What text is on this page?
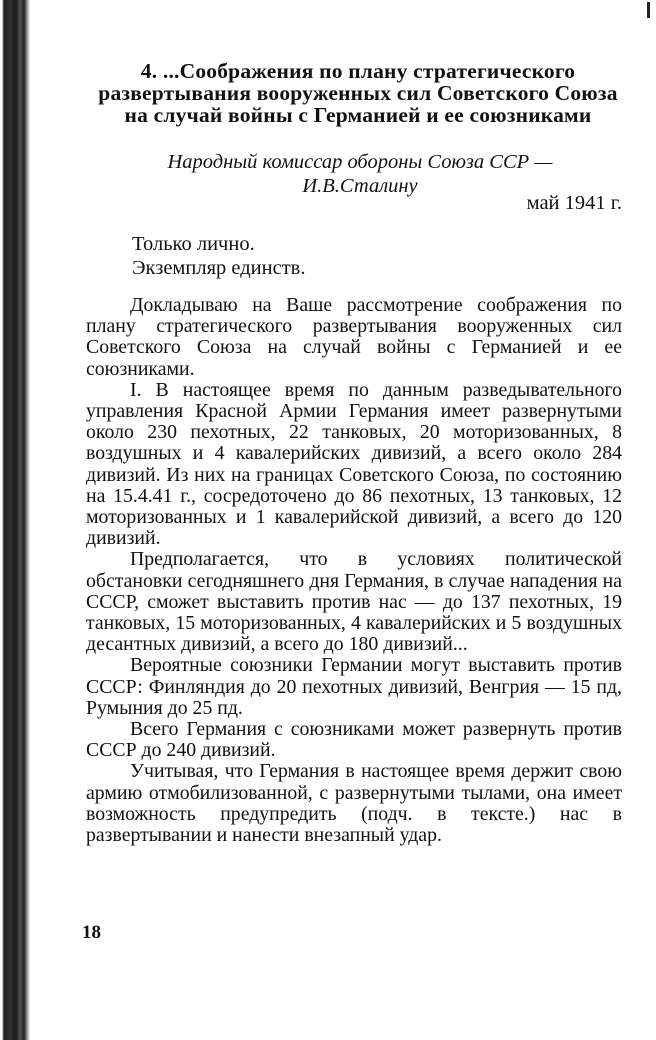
4. ...Соображения по плану стратегического развертывания вооруженных сил Советского Союза на случай войны с Германией и ее союзниками
Народный комиссар обороны Союза ССР — И.В.Сталину
май 1941 г.
Только лично.
Экземпляр единств.

Докладываю на Ваше рассмотрение соображения по плану стратегического развертывания вооруженных сил Советского Союза на случай войны с Германией и ее союзниками.

I. В настоящее время по данным разведывательного управления Красной Армии Германия имеет развернутыми около 230 пехотных, 22 танковых, 20 моторизованных, 8 воздушных и 4 кавалерийских дивизий, а всего около 284 дивизий. Из них на границах Советского Союза, по состоянию на 15.4.41 г., сосредоточено до 86 пехотных, 13 танковых, 12 моторизованных и 1 кавалерийской дивизий, а всего до 120 дивизий.

Предполагается, что в условиях политической обстановки сегодняшнего дня Германия, в случае нападения на СССР, сможет выставить против нас — до 137 пехотных, 19 танковых, 15 моторизованных, 4 кавалерийских и 5 воздушных десантных дивизий, а всего до 180 дивизий...

Вероятные союзники Германии могут выставить против СССР: Финляндия до 20 пехотных дивизий, Венгрия — 15 пд, Румыния до 25 пд.

Всего Германия с союзниками может развернуть против СССР до 240 дивизий.

Учитывая, что Германия в настоящее время держит свою армию отмобилизованной, с развернутыми тылами, она имеет возможность предупредить (подч. в тексте.) нас в развертывании и нанести внезапный удар.

18
